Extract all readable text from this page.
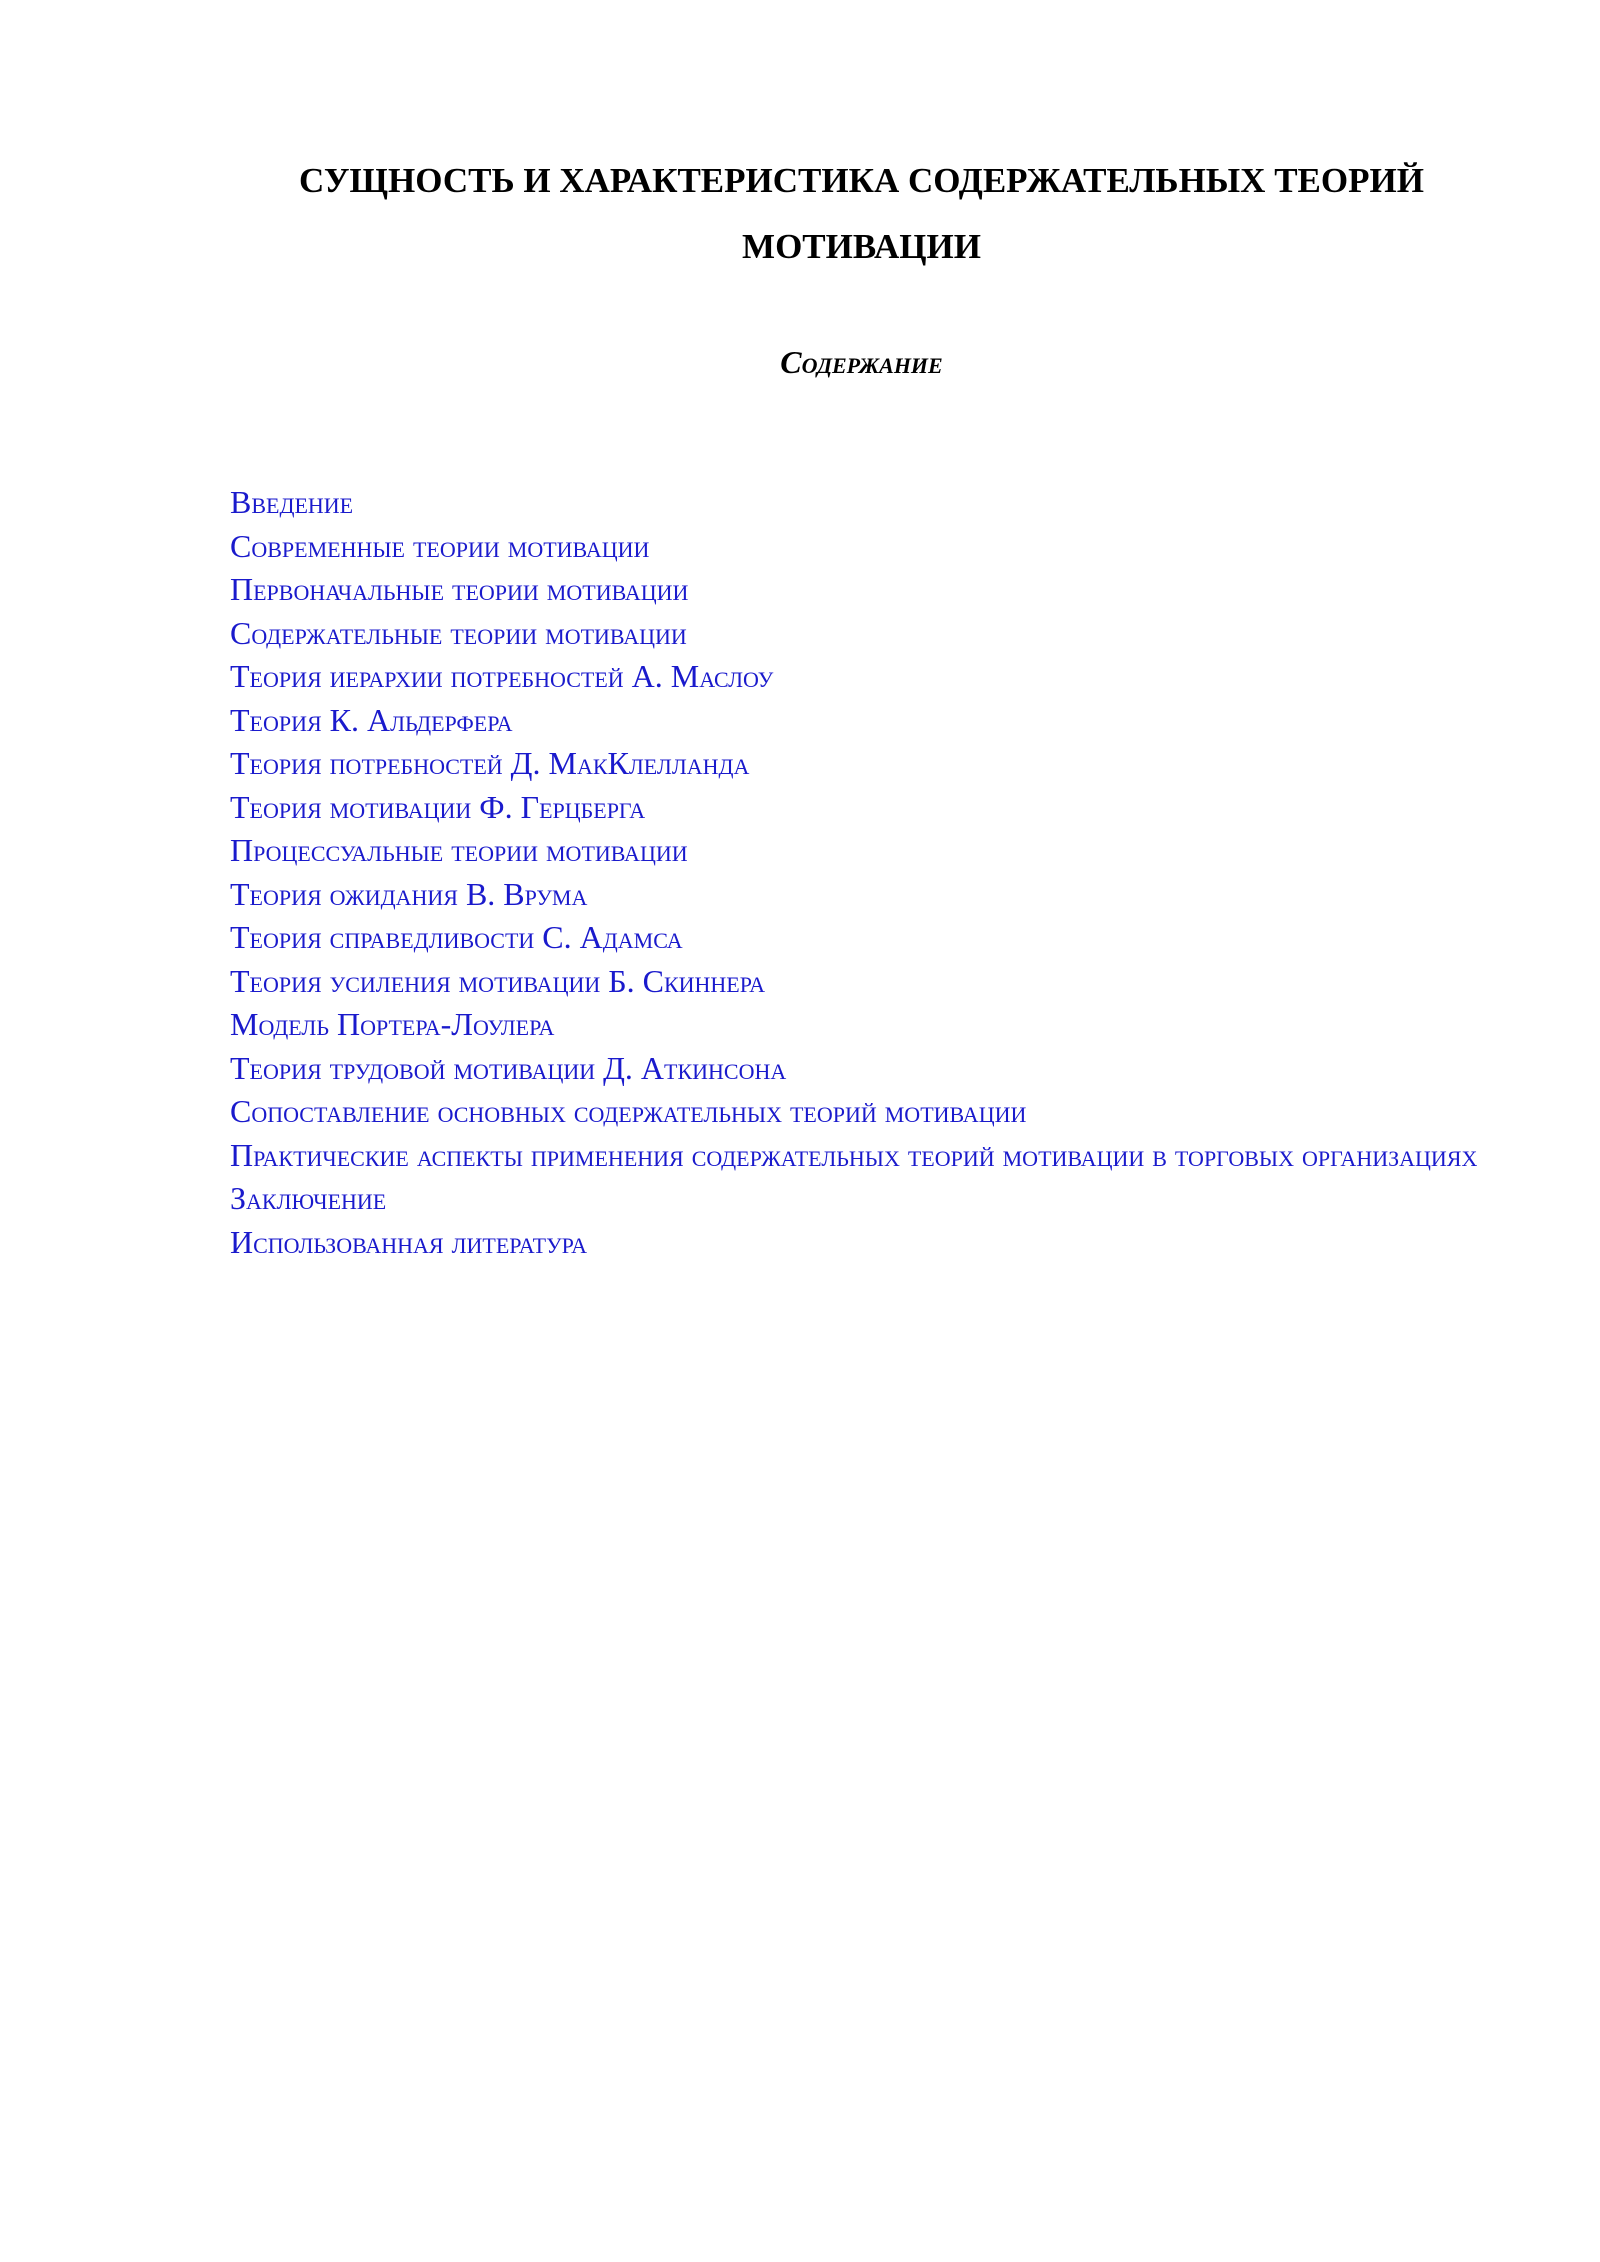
СУЩНОСТЬ И ХАРАКТЕРИСТИКА СОДЕРЖАТЕЛЬНЫХ ТЕОРИЙ МОТИВАЦИИ
Содержание
Введение
Современные теории мотивации
Первоначальные теории мотивации
Содержательные теории мотивации
Теория иерархии потребностей А. Маслоу
Теория К. Альдерфера
Теория потребностей Д. МакКлелланда
Теория мотивации Ф. Герцберга
Процессуальные теории мотивации
Теория ожидания В. Врума
Теория справедливости С. Адамса
Теория усиления мотивации Б. Скиннера
Модель Портера-Лоулера
Теория трудовой мотивации Д. Аткинсона
Сопоставление основных содержательных теорий мотивации
Практические аспекты применения содержательных теорий мотивации в торговых организациях
Заключение
Использованная литература
